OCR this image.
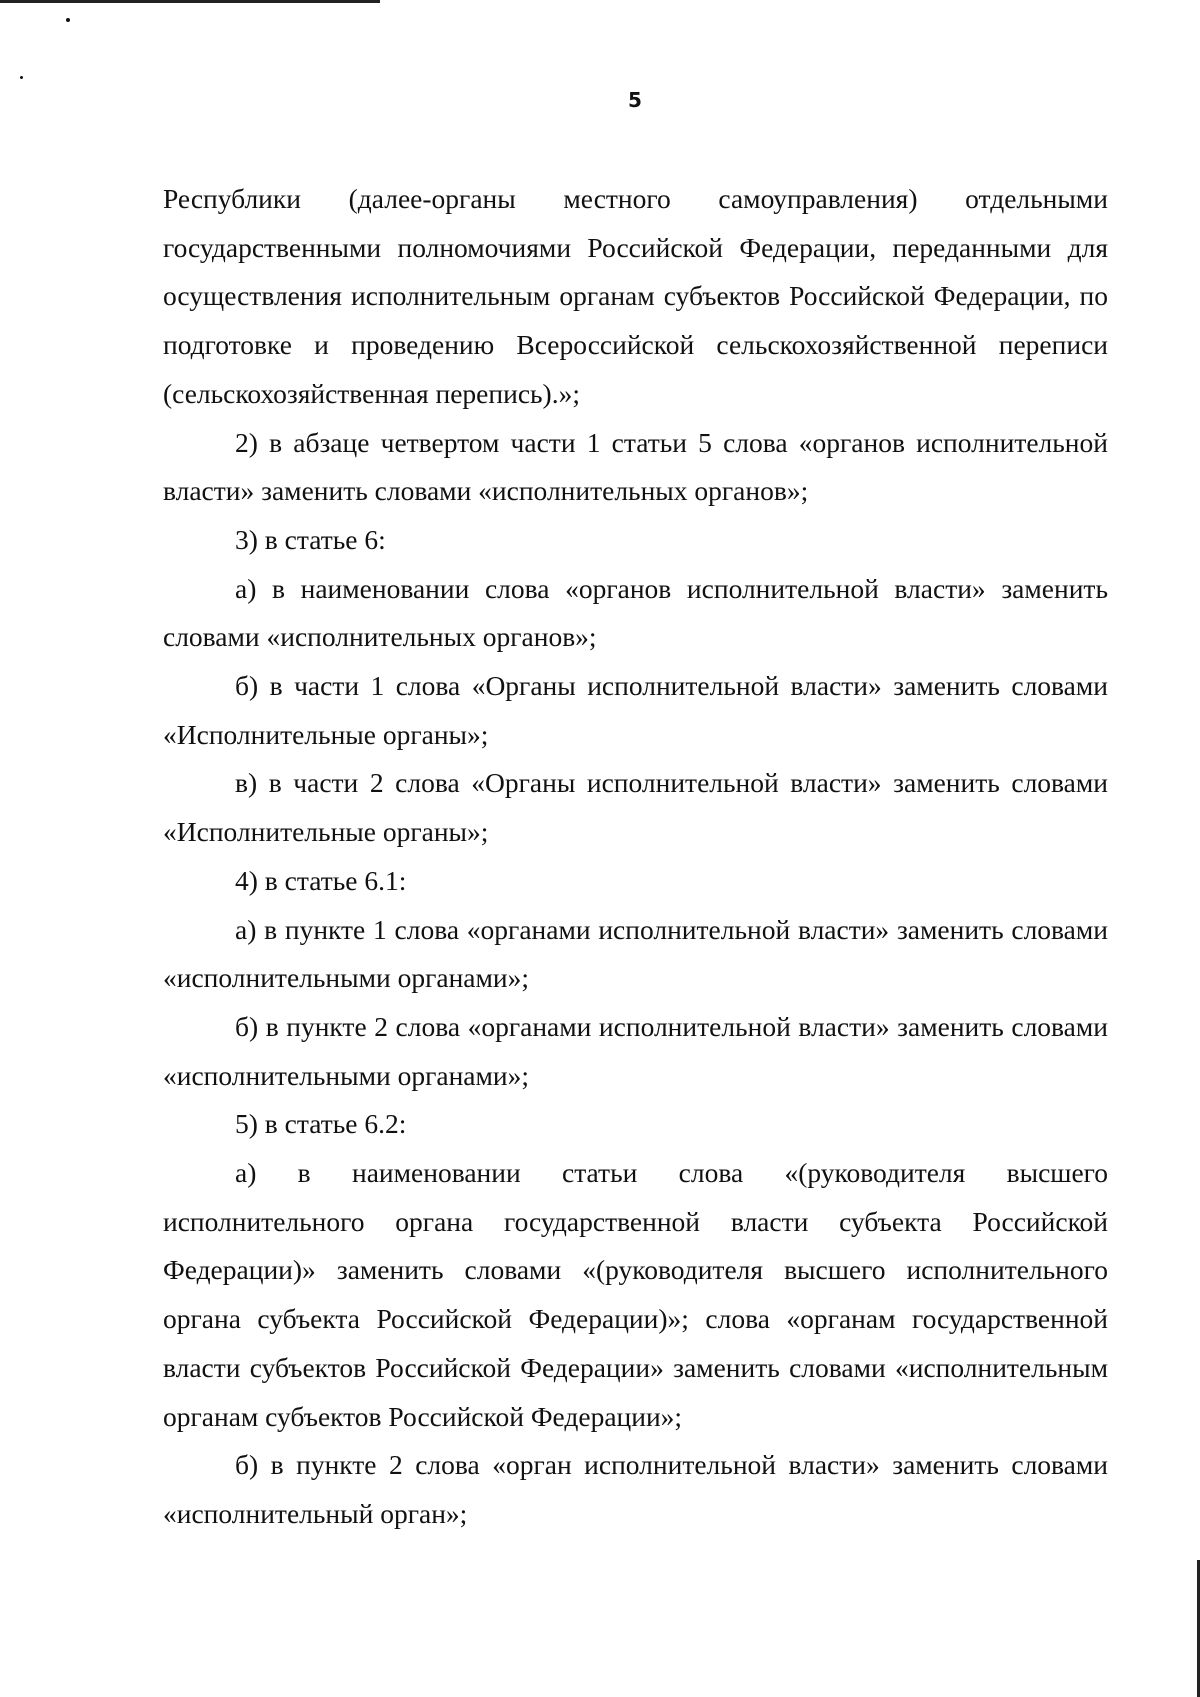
5

Республики (далее-органы местного самоуправления) отдельными государственными полномочиями Российской Федерации, переданными для осуществления исполнительным органам субъектов Российской Федерации, по подготовке и проведению Всероссийской сельскохозяйственной переписи (сельскохозяйственная перепись).»;

2) в абзаце четвертом части 1 статьи 5 слова «органов исполнительной власти» заменить словами «исполнительных органов»;

3) в статье 6:

а) в наименовании слова «органов исполнительной власти» заменить словами «исполнительных органов»;

б) в части 1 слова «Органы исполнительной власти» заменить словами «Исполнительные органы»;

в) в части 2 слова «Органы исполнительной власти» заменить словами «Исполнительные органы»;

4) в статье 6.1:

а) в пункте 1 слова «органами исполнительной власти» заменить словами «исполнительными органами»;

б) в пункте 2 слова «органами исполнительной власти» заменить словами «исполнительными органами»;

5) в статье 6.2:

а) в наименовании статьи слова «(руководителя высшего исполнительного органа государственной власти субъекта Российской Федерации)» заменить словами «(руководителя высшего исполнительного органа субъекта Российской Федерации)»; слова «органам государственной власти субъектов Российской Федерации» заменить словами «исполнительным органам субъектов Российской Федерации»;

б) в пункте 2 слова «орган исполнительной власти» заменить словами «исполнительный орган»;
